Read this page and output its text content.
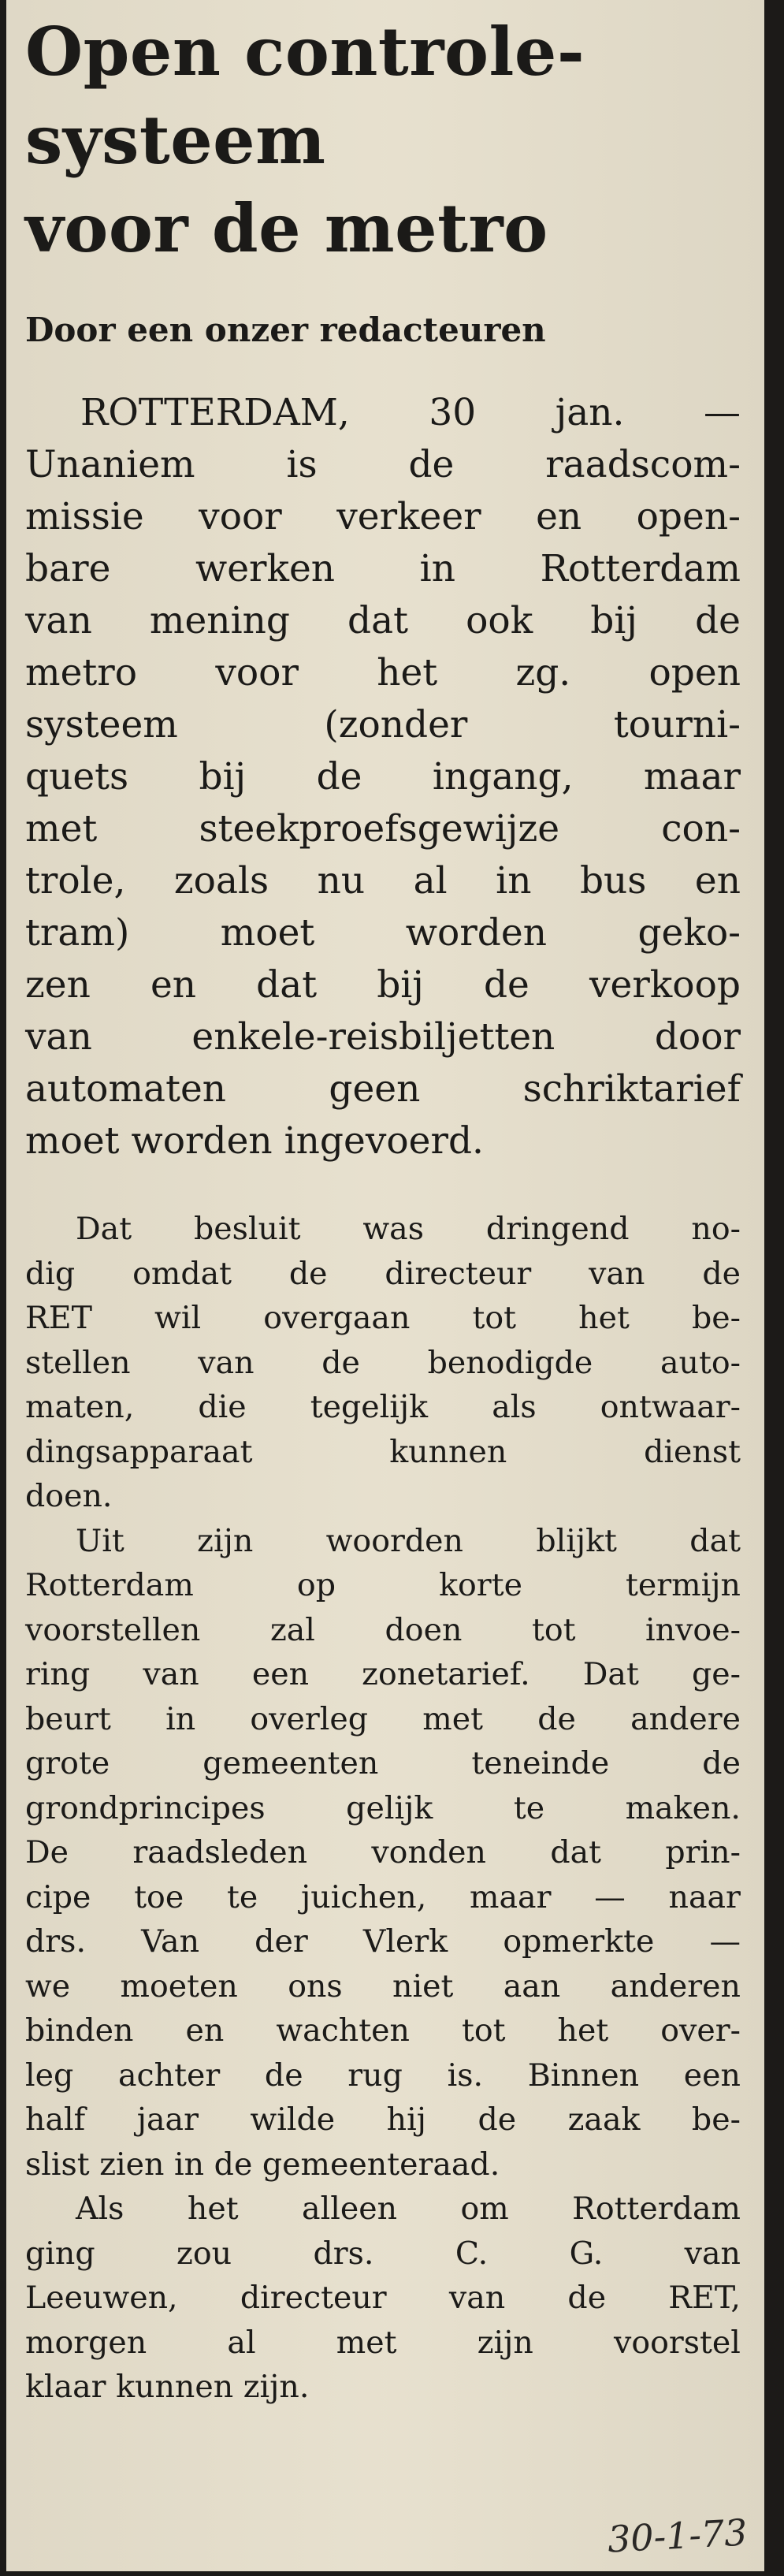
Open controle-
systeem
voor de metro
Door een onzer redacteuren
ROTTERDAM, 30 jan. —
Unaniem is de raadscom-
missie voor verkeer en open-
bare werken in Rotterdam
van mening dat ook bij de
metro voor het zg. open
systeem	(zonder	tourni-
quets bij de ingang, maar
met	steekproefsgewijze	con-
trole, zoals nu al in bus en
tram) moet worden geko-
zen en dat bij de verkoop
van	enkele-reisbiljetten	door
automaten	geen	schriktarief
moet worden ingevoerd.
Dat besluit was dringend no-
dig omdat de directeur van de
RET wil overgaan tot het be-
stellen van de benodigde auto-
maten, die tegelijk als ontwaar-
dingsapparaat	kunnen	dienst
doen.
Uit zijn woorden blijkt dat
Rotterdam	op	korte	termijn
voorstellen zal doen tot invoe-
ring van een zonetarief. Dat ge-
beurt in overleg met de andere
grote	gemeenten	teneinde	de
grondprincipes	gelijk	te	maken.
De raadsleden vonden dat prin-
cipe toe te juichen, maar — naar
drs. Van der Vlerk opmerkte —
we moeten ons niet aan anderen
binden en wachten tot het over-
leg achter de rug is. Binnen een
half jaar wilde hij de zaak be-
slist zien in de gemeenteraad.
Als het alleen om Rotterdam
ging	zou	drs.	C.	G.	van
Leeuwen, directeur van de RET,
morgen	al	met	zijn	voorstel
klaar kunnen zijn.
30-1-73
